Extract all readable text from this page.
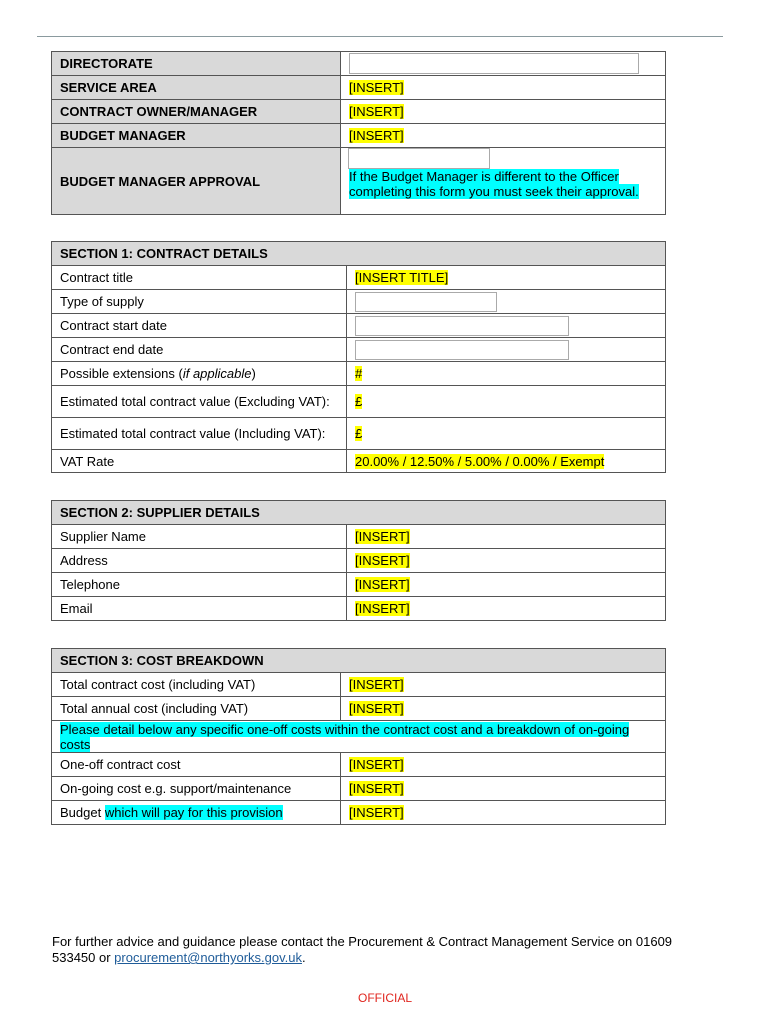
DIRECTORATE	

SERVICE AREA	[INSERT]
CONTRACT OWNER/MANAGER	[INSERT]
BUDGET MANAGER	[INSERT]
BUDGET MANAGER APPROVAL	If the Budget Manager is different to the Officer completing this form you must seek their approval.
SECTION 1: CONTRACT DETAILS	
Contract title	[INSERT TITLE]
Type of supply	

Contract start date	

Contract end date	

Possible extensions (if applicable)	#
Estimated total contract value (Excluding VAT):	£
Estimated total contract value (Including VAT):	£
VAT Rate	20.00% / 12.50% / 5.00% / 0.00% / Exempt
SECTION 2: SUPPLIER DETAILS	
Supplier Name	[INSERT]
Address	[INSERT]
Telephone	[INSERT]
Email	[INSERT]
SECTION 3: COST BREAKDOWN	
Total contract cost (including VAT)	[INSERT]
Total annual cost (including VAT)	[INSERT]
Please detail below any specific one-off costs within the contract cost and a breakdown of on-going costs	
One-off contract cost	[INSERT]
On-going cost e.g. support/maintenance	[INSERT]
Budget which will pay for this provision	[INSERT]
For further advice and guidance please contact the Procurement & Contract Management Service on 01609 533450 or procurement@northyorks.gov.uk.
OFFICIAL
